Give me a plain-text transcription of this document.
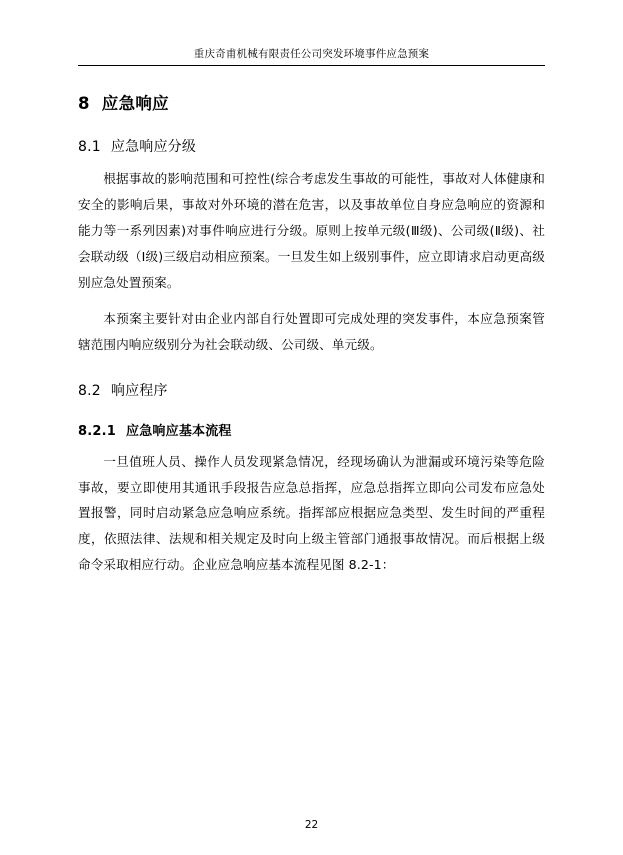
重庆奇甫机械有限责任公司突发环境事件应急预案
8 应急响应
8.1 应急响应分级

根据事故的影响范围和可控性(综合考虑发生事故的可能性，事故对人体健康和安全的影响后果，事故对外环境的潜在危害，以及事故单位自身应急响应的资源和能力等一系列因素)对事件响应进行分级。原则上按单元级(Ⅲ级)、公司级(Ⅱ级)、社会联动级（Ⅰ级)三级启动相应预案。一旦发生如上级别事件，应立即请求启动更高级别应急处置预案。

本预案主要针对由企业内部自行处置即可完成处理的突发事件，本应急预案管辖范围内响应级别分为社会联动级、公司级、单元级。

8.2 响应程序
8.2.1 应急响应基本流程

一旦值班人员、操作人员发现紧急情况，经现场确认为泄漏或环境污染等危险事故，要立即使用其通讯手段报告应急总指挥，应急总指挥立即向公司发布应急处置报警，同时启动紧急应急响应系统。指挥部应根据应急类型、发生时间的严重程度，依照法律、法规和相关规定及时向上级主管部门通报事故情况。而后根据上级命令采取相应行动。企业应急响应基本流程见图 8.2-1：

22
